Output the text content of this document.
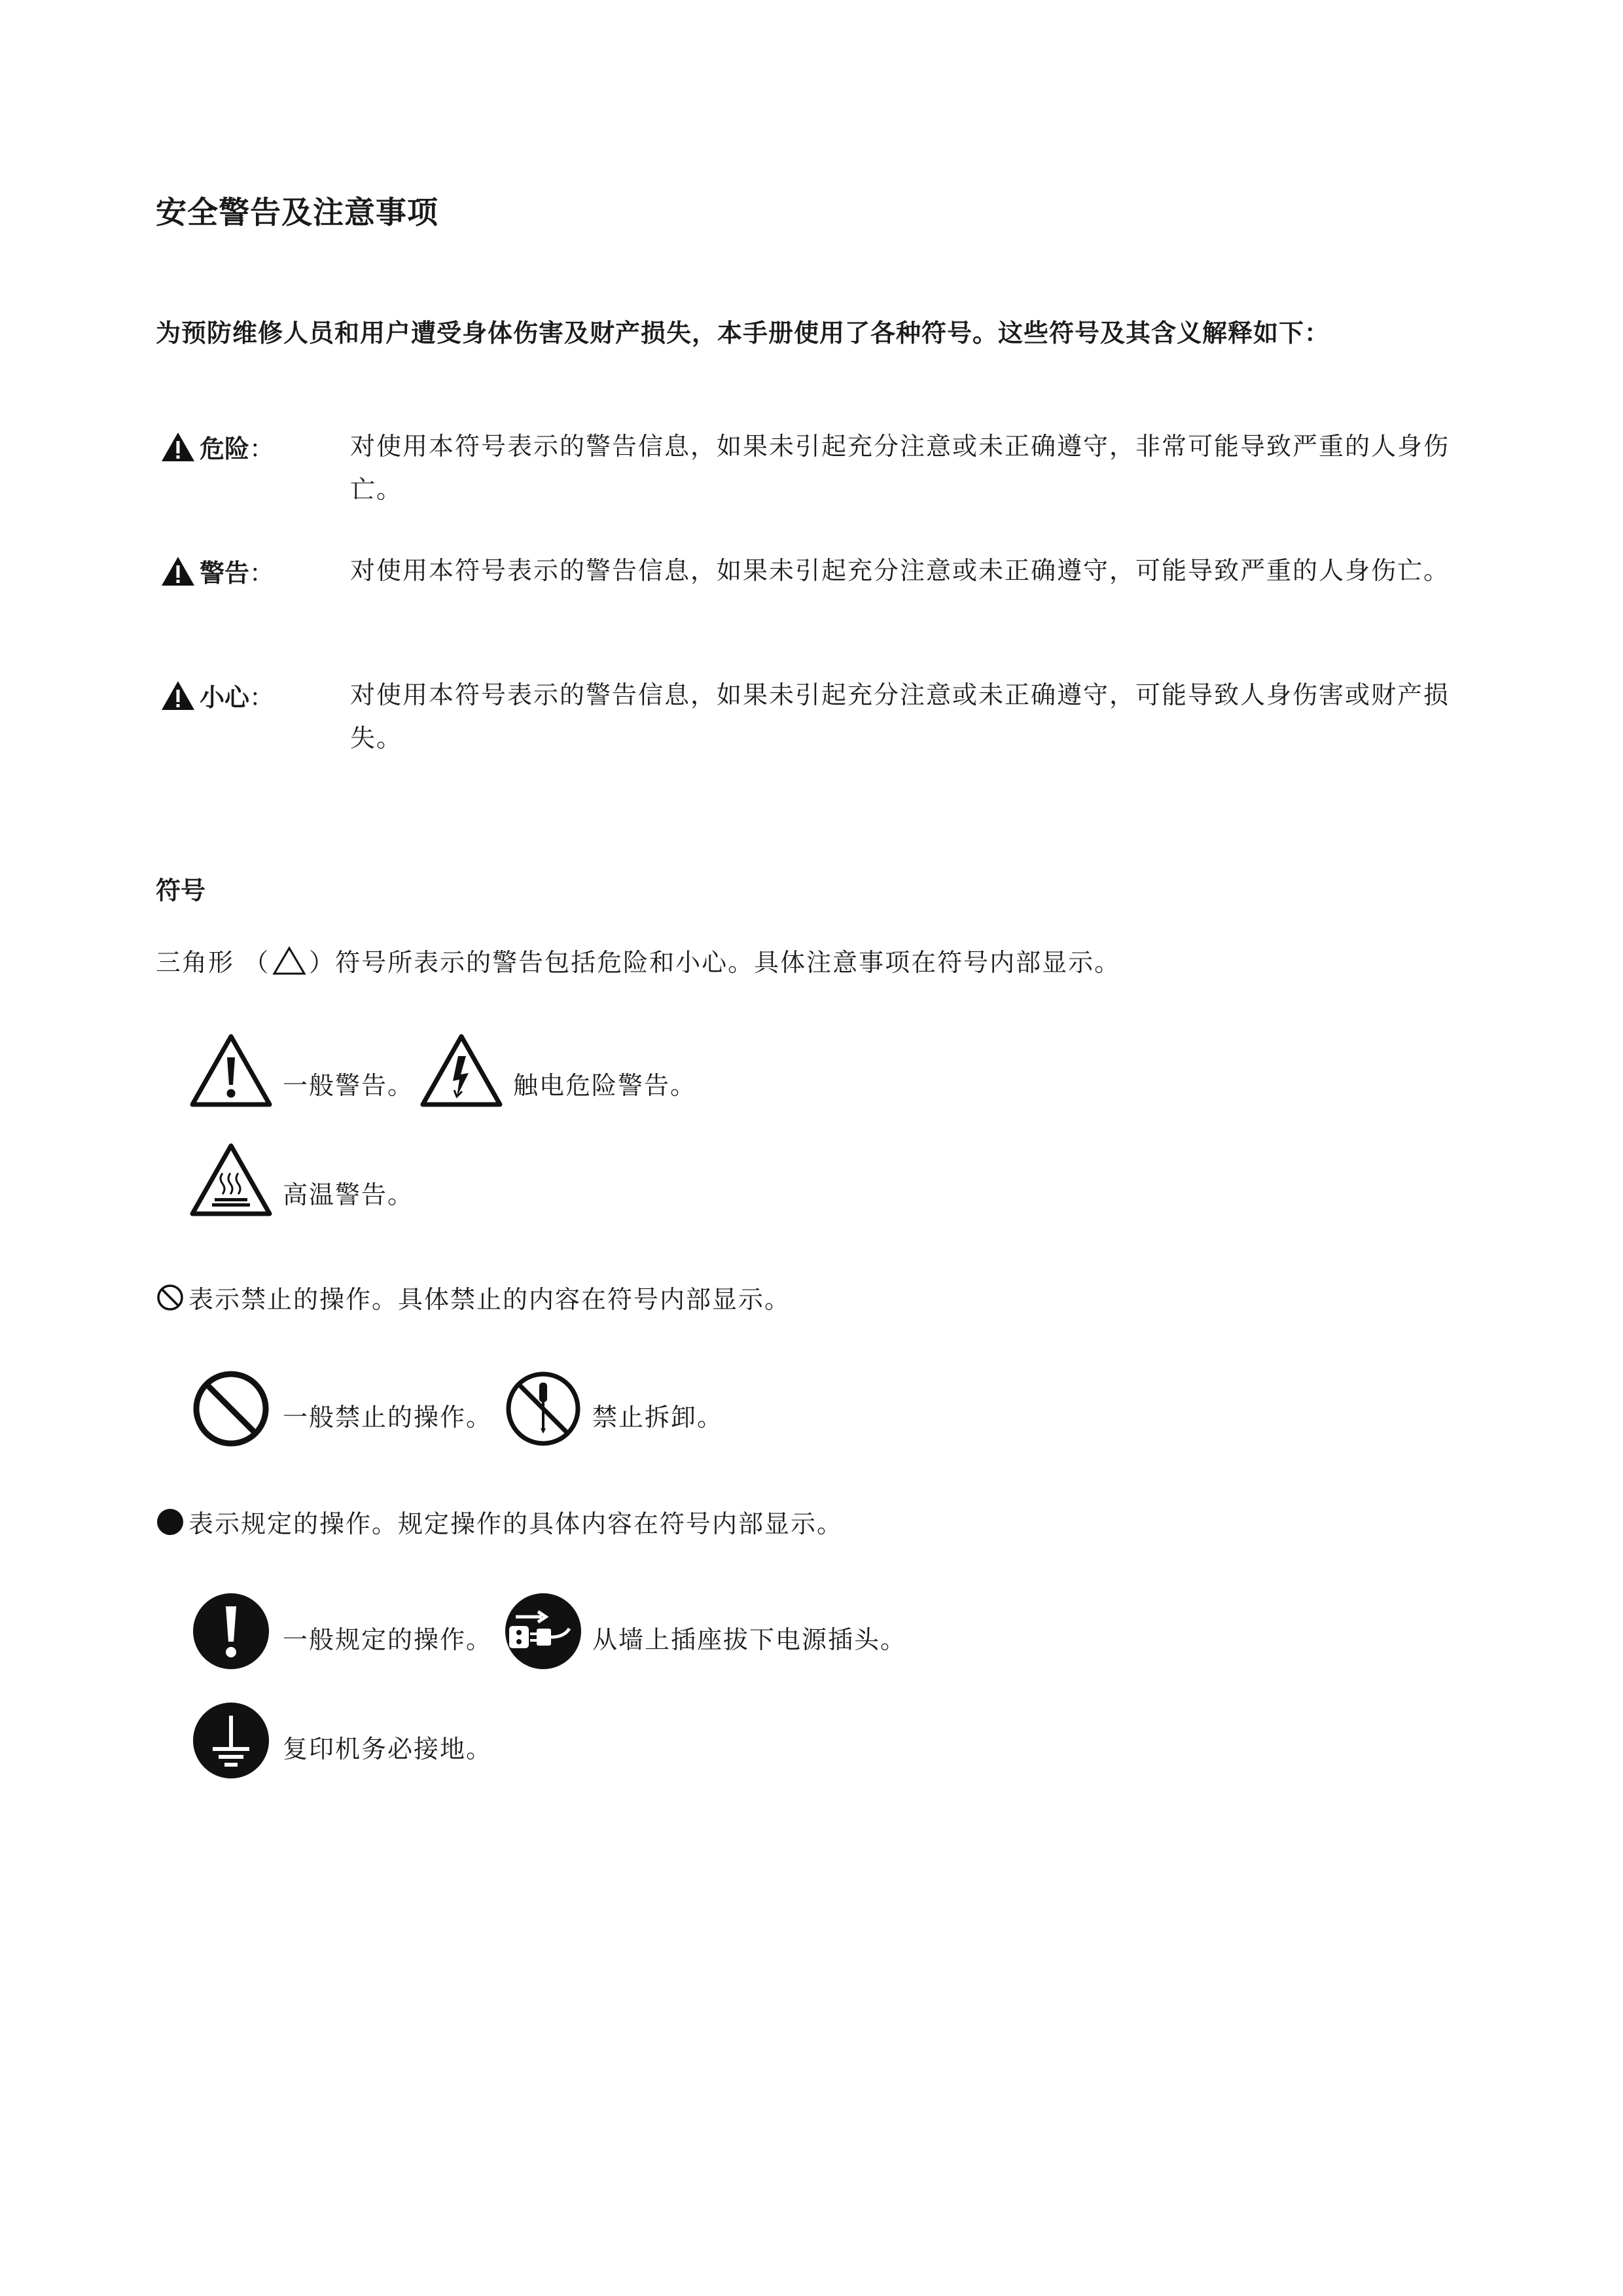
安全警告及注意事项
为预防维修人员和用户遭受身体伤害及财产损失，本手册使用了各种符号。这些符号及其含义解释如下：
危险 ：	对使用本符号表示的警告信息，如果未引起充分注意或未正确遵守，非常可能导致严重的人身伤亡。
警告 ：	对使用本符号表示的警告信息，如果未引起充分注意或未正确遵守，可能导致严重的人身伤亡。
小心 ：	对使用本符号表示的警告信息，如果未引起充分注意或未正确遵守，可能导致人身伤害或财产损失。
符号
三角形 （ ）符号所表示的警告包括危险和小心。具体注意事项在符号内部显示。
一般警告。	触电危险警告。
高温警告。
表示禁止的操作。具体禁止的内容在符号内部显示。
一般禁止的操作。	禁止拆卸。
表示规定的操作。规定操作的具体内容在符号内部显示。
一般规定的操作。	从墙上插座拔下电源插头。
复印机务必接地。
